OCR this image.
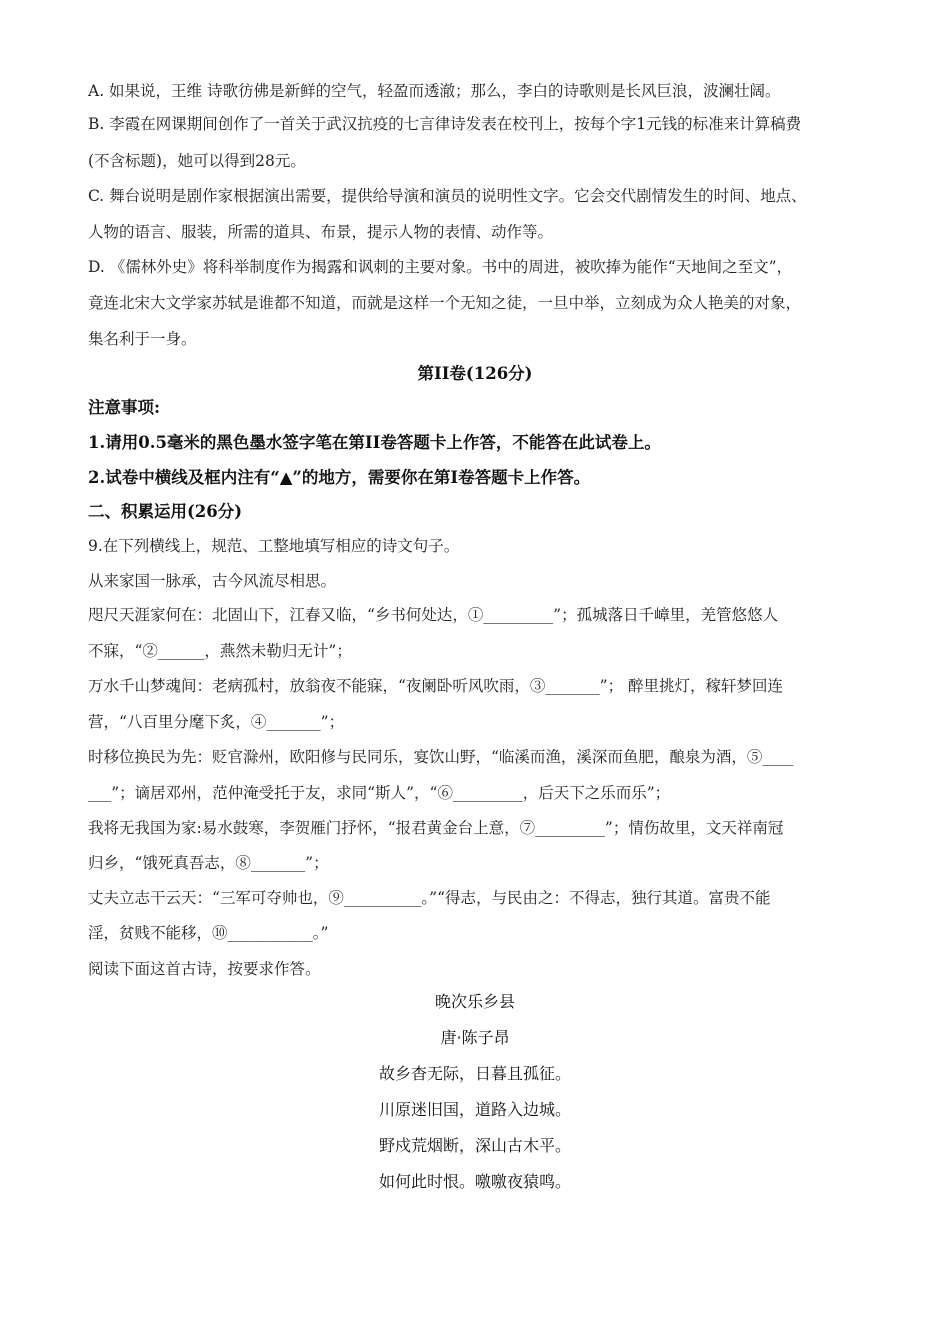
A. 如果说，王维 诗歌彷佛是新鲜的空气，轻盈而透澈；那么，李白的诗歌则是长风巨浪，波澜壮阔。
B. 李霞在网课期间创作了一首关于武汉抗疫的七言律诗发表在校刊上，按每个字1元钱的标准来计算稿费
(不含标题)，她可以得到28元。
C. 舞台说明是剧作家根据演出需要，提供给导演和演员的说明性文字。它会交代剧情发生的时间、地点、
人物的语言、服装，所需的道具、布景，提示人物的表情、动作等。
D. 《儒林外史》将科举制度作为揭露和讽刺的主要对象。书中的周进，被吹捧为能作“天地间之至文”，
竟连北宋大文学家苏轼是谁都不知道，而就是这样一个无知之徒，一旦中举，立刻成为众人艳美的对象，
集名利于一身。
第II卷(126分)
注意事项:
1.请用0.5毫米的黑色墨水签字笔在第II卷答题卡上作答，不能答在此试卷上。
2.试卷中横线及框内注有“▲”的地方，需要你在第I卷答题卡上作答。
二、积累运用(26分)
9.在下列横线上，规范、工整地填写相应的诗文句子。
从来家国一脉承，古今风流尽相思。
咫尺天涯家何在：北固山下，江春又临，“乡书何处达，①_________”；孤城落日千嶂里，羌管悠悠人
不寐，“②______，燕然未勒归无计”；
万水千山梦魂间：老病孤村，放翁夜不能寐，“夜阑卧听风吹雨，③_______”； 醉里挑灯，稼轩梦回连
营，“八百里分麾下炙，④_______”；
时移位换民为先：贬官滁州，欧阳修与民同乐，宴饮山野，“临溪而渔，溪深而鱼肥，酿泉为酒，⑤____
___”；谪居邓州，范仲淹受托于友，求同“斯人”，“⑥_________，后天下之乐而乐”；
我将无我国为家:易水鼓寒，李贺雁门抒怀，“报君黄金台上意，⑦_________”；情伤故里，文天祥南冠
归乡，“饿死真吾志，⑧_______”；
丈夫立志干云天：“三军可夺帅也，⑨__________。”“得志，与民由之：不得志，独行其道。富贵不能
淫，贫贱不能移，⑩___________。”
阅读下面这首古诗，按要求作答。
晚次乐乡县
唐·陈子昂
故乡杳无际，日暮且孤征。
川原迷旧国，道路入边城。
野戍荒烟断，深山古木平。
如何此时恨。噭噭夜猿鸣。
